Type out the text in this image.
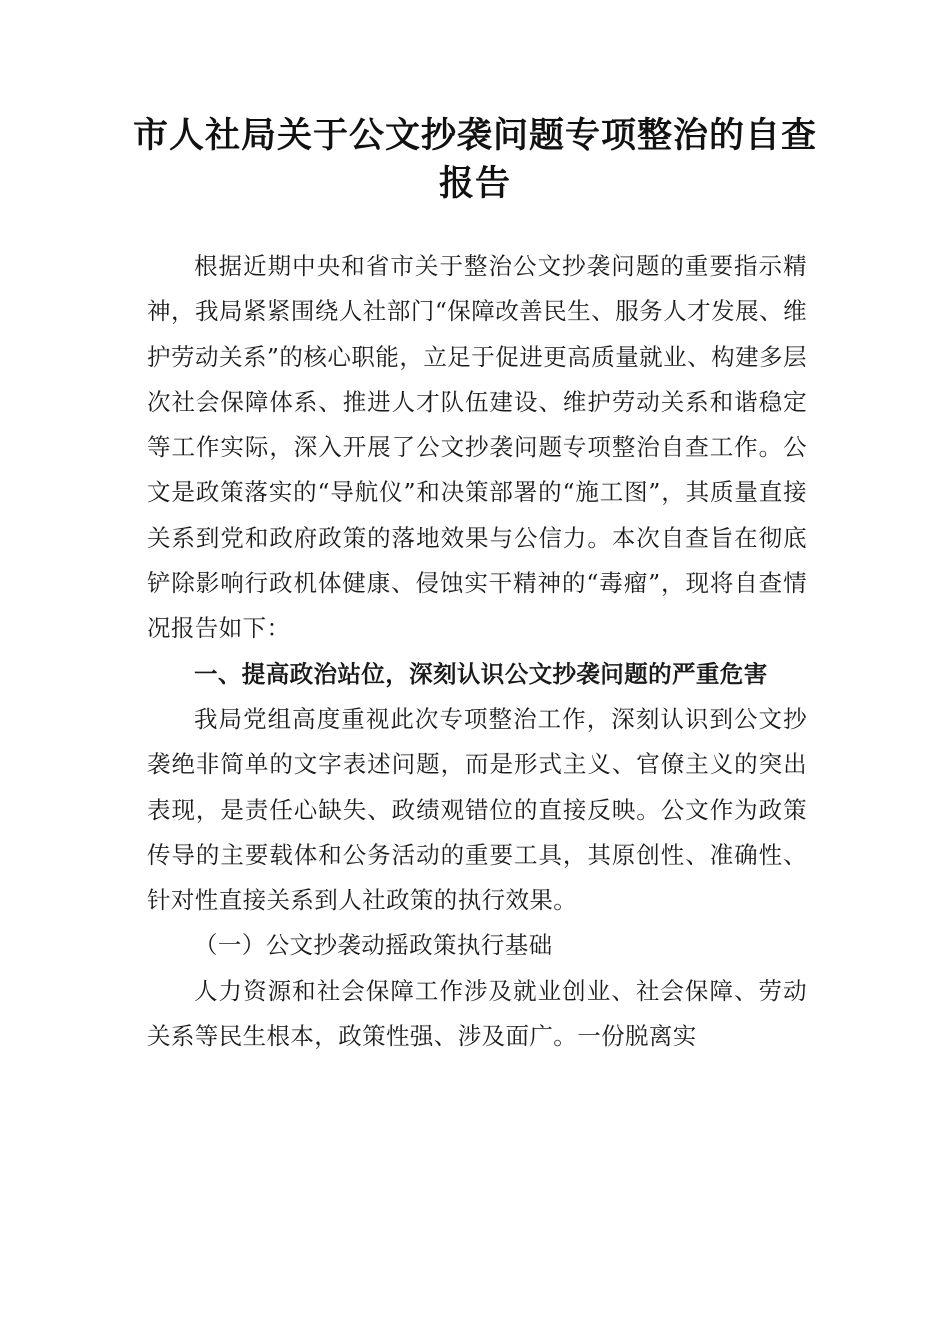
市人社局关于公文抄袭问题专项整治的自查报告

根据近期中央和省市关于整治公文抄袭问题的重要指示精神，我局紧紧围绕人社部门“保障改善民生、服务人才发展、维护劳动关系”的核心职能，立足于促进更高质量就业、构建多层次社会保障体系、推进人才队伍建设、维护劳动关系和谐稳定等工作实际，深入开展了公文抄袭问题专项整治自查工作。公文是政策落实的“导航仪”和决策部署的“施工图”，其质量直接关系到党和政府政策的落地效果与公信力。本次自查旨在彻底铲除影响行政机体健康、侵蚀实干精神的“毒瘤”，现将自查情况报告如下：

一、提高政治站位，深刻认识公文抄袭问题的严重危害

我局党组高度重视此次专项整治工作，深刻认识到公文抄袭绝非简单的文字表述问题，而是形式主义、官僚主义的突出表现，是责任心缺失、政绩观错位的直接反映。公文作为政策传导的主要载体和公务活动的重要工具，其原创性、准确性、针对性直接关系到人社政策的执行效果。

（一）公文抄袭动摇政策执行基础

人力资源和社会保障工作涉及就业创业、社会保障、劳动关系等民生根本，政策性强、涉及面广。一份脱离实
